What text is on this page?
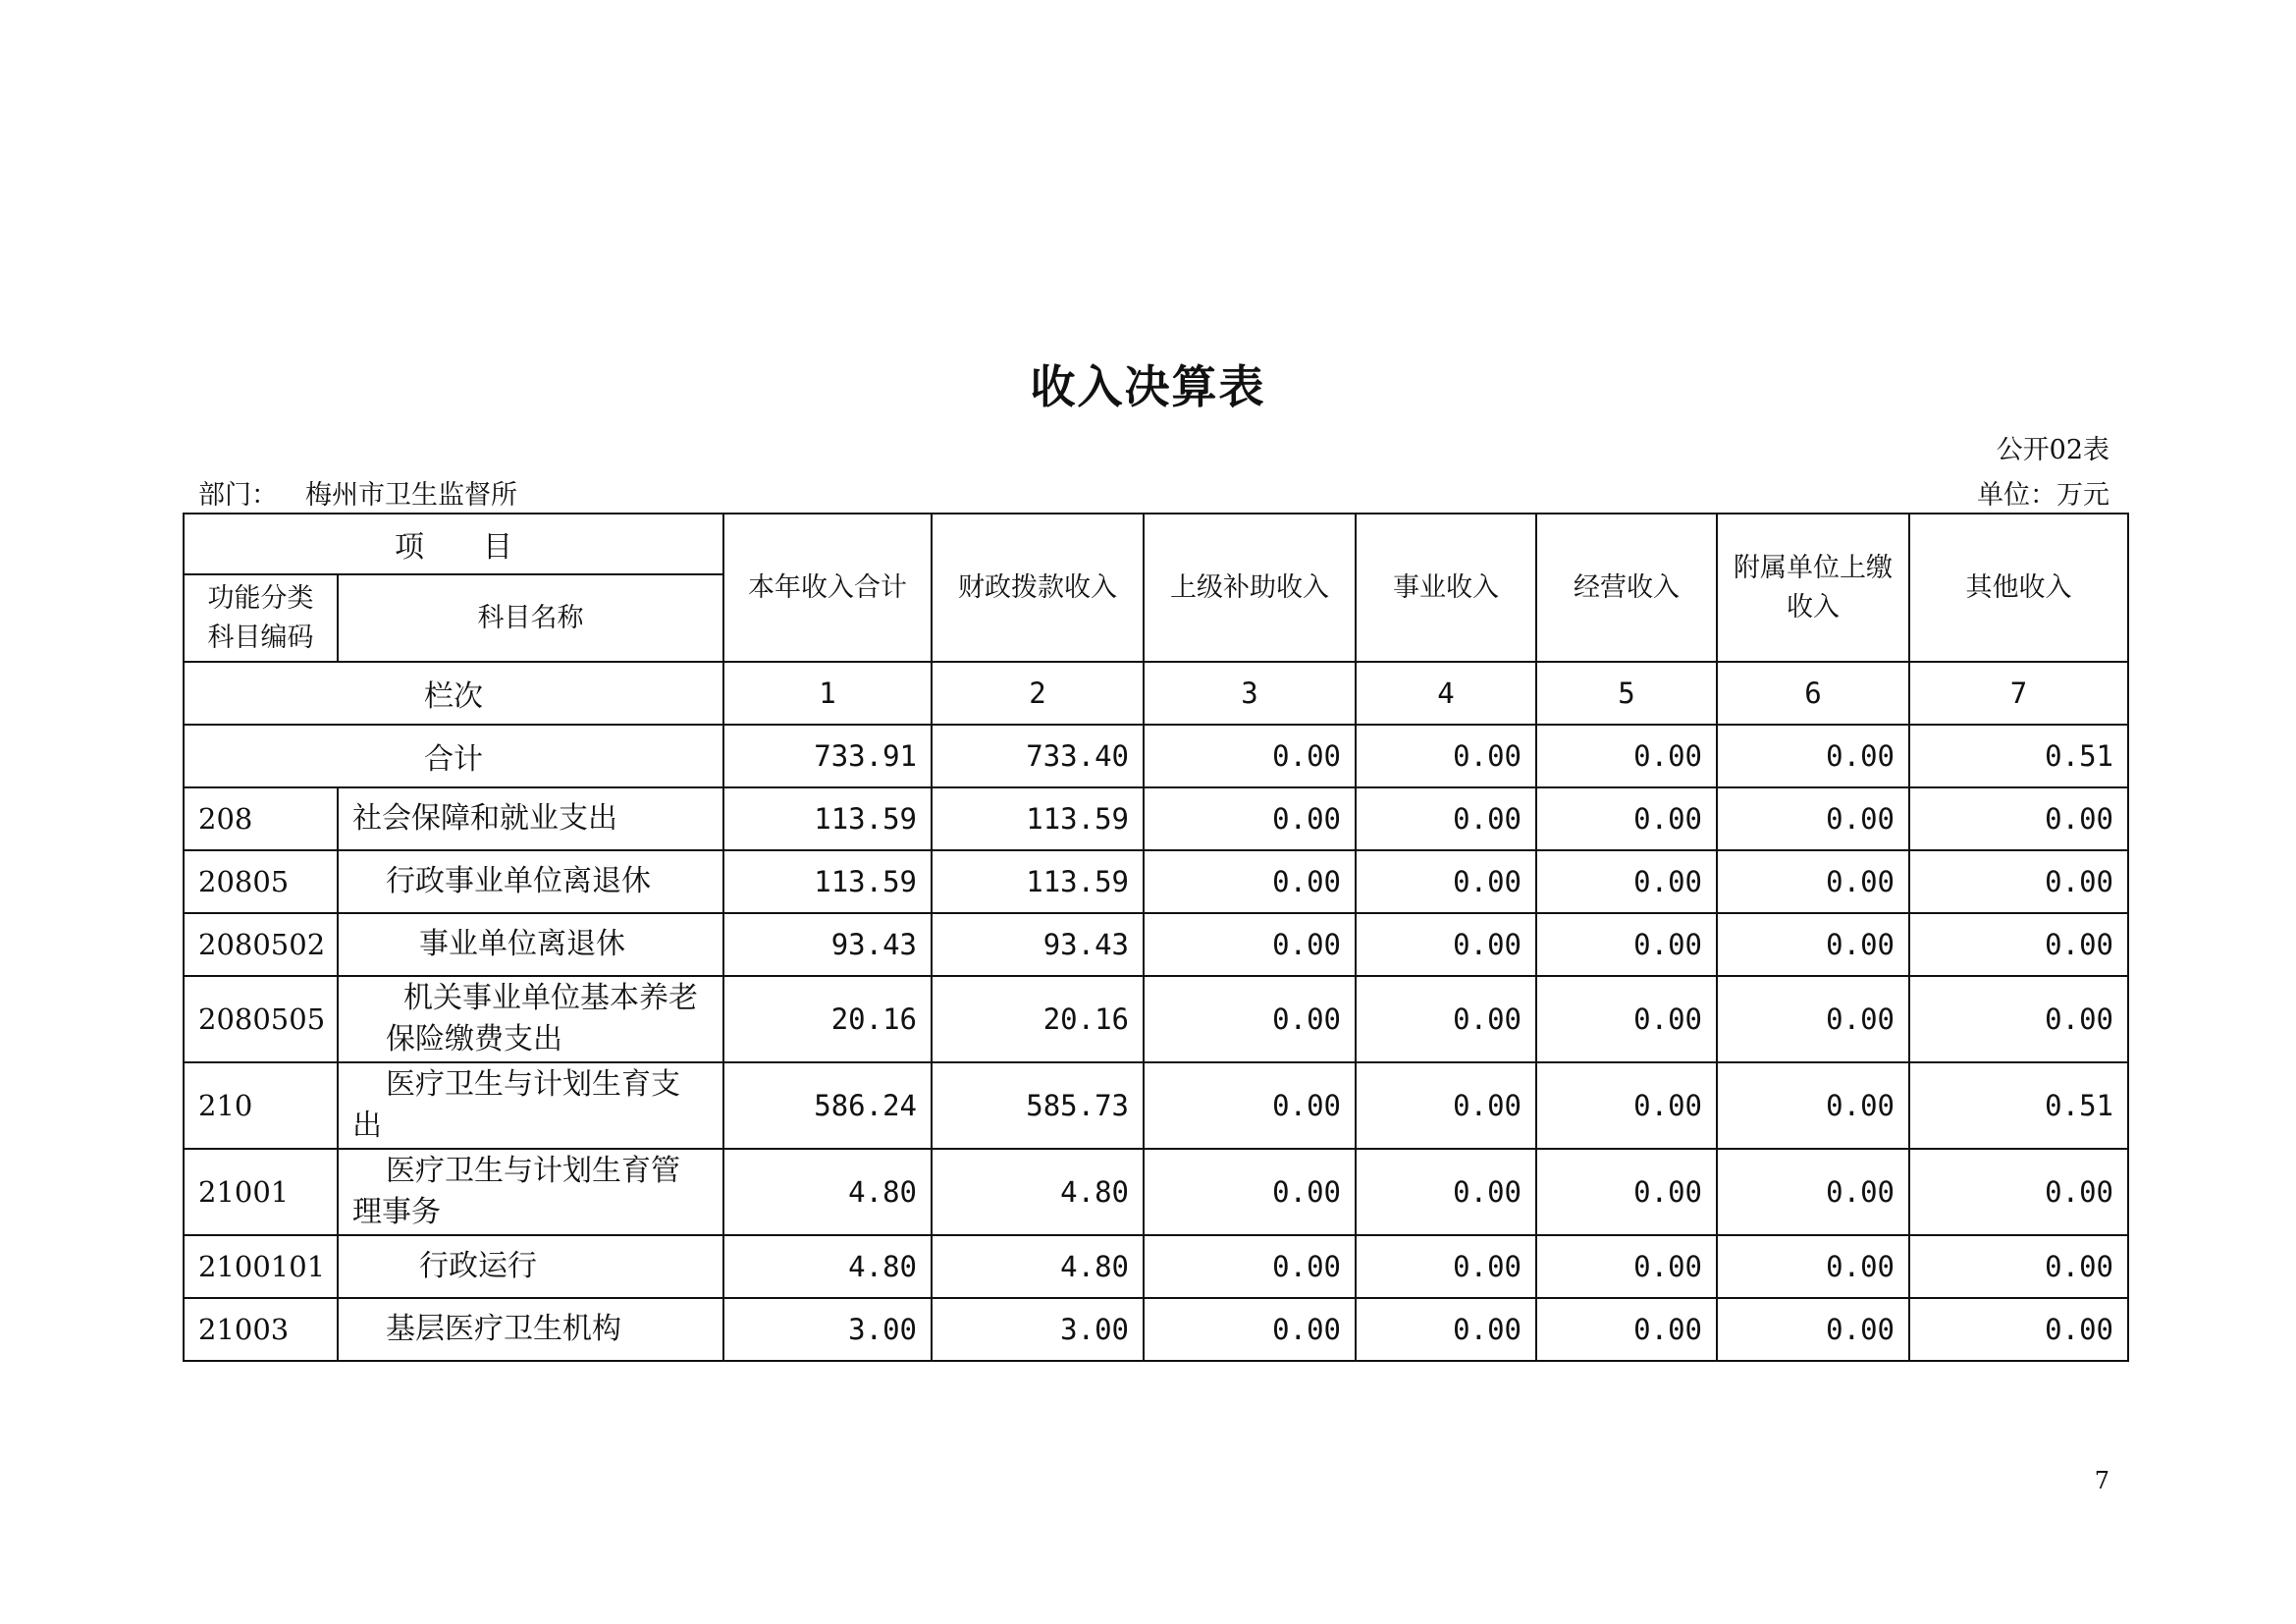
收入决算表
公开02表
部门： 梅州市卫生监督所	单位：万元
项　　目		本年收入合计	财政拨款收入	上级补助收入	事业收入	经营收入	附属单位上缴收入	其他收入
功能分类科目编码	科目名称							
栏次		1	2	3	4	5	6	7
合计		733.91	733.40	0.00	0.00	0.00	0.00	0.51
208	社会保障和就业支出	113.59	113.59	0.00	0.00	0.00	0.00	0.00
20805	行政事业单位离退休	113.59	113.59	0.00	0.00	0.00	0.00	0.00
2080502	事业单位离退休	93.43	93.43	0.00	0.00	0.00	0.00	0.00
2080505	机关事业单位基本养老保险缴费支出	20.16	20.16	0.00	0.00	0.00	0.00	0.00
210	医疗卫生与计划生育支出	586.24	585.73	0.00	0.00	0.00	0.00	0.51
21001	医疗卫生与计划生育管理事务	4.80	4.80	0.00	0.00	0.00	0.00	0.00
2100101	行政运行	4.80	4.80	0.00	0.00	0.00	0.00	0.00
21003	基层医疗卫生机构	3.00	3.00	0.00	0.00	0.00	0.00	0.00
7
